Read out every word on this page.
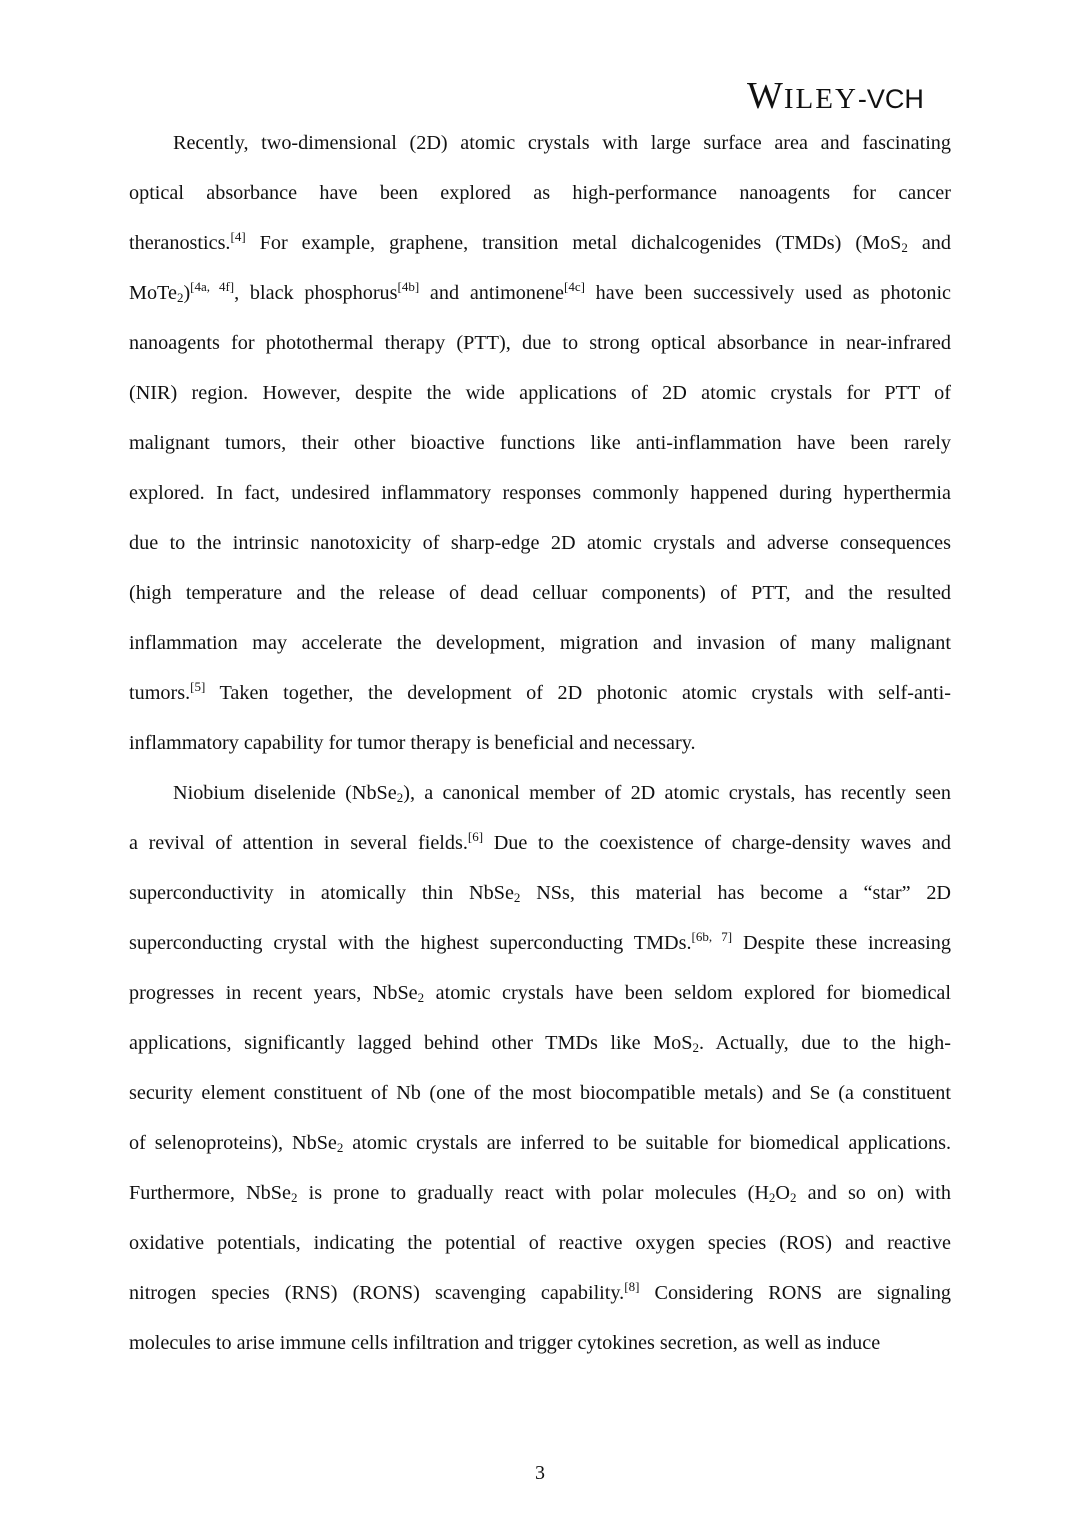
WILEY-VCH
Recently, two-dimensional (2D) atomic crystals with large surface area and fascinating
optical absorbance have been explored as high-performance nanoagents for cancer
theranostics.[4] For example, graphene, transition metal dichalcogenides (TMDs) (MoS$_2$ and
MoTe$_2$)[4a, 4f], black phosphorus[4b] and antimonene[4c] have been successively used as photonic
nanoagents for photothermal therapy (PTT), due to strong optical absorbance in near-infrared
(NIR) region. However, despite the wide applications of 2D atomic crystals for PTT of
malignant tumors, their other bioactive functions like anti-inflammation have been rarely
explored. In fact, undesired inflammatory responses commonly happened during hyperthermia
due to the intrinsic nanotoxicity of sharp-edge 2D atomic crystals and adverse consequences
(high temperature and the release of dead celluar components) of PTT, and the resulted
inflammation may accelerate the development, migration and invasion of many malignant
tumors.[5] Taken together, the development of 2D photonic atomic crystals with self-anti-
inflammatory capability for tumor therapy is beneficial and necessary.
Niobium diselenide (NbSe$_2$), a canonical member of 2D atomic crystals, has recently seen
a revival of attention in several fields.[6] Due to the coexistence of charge-density waves and
superconductivity in atomically thin NbSe$_2$ NSs, this material has become a “star” 2D
superconducting crystal with the highest superconducting TMDs.[6b, 7] Despite these increasing
progresses in recent years, NbSe$_2$ atomic crystals have been seldom explored for biomedical
applications, significantly lagged behind other TMDs like MoS$_2$. Actually, due to the high-
security element constituent of Nb (one of the most biocompatible metals) and Se (a constituent
of selenoproteins), NbSe$_2$ atomic crystals are inferred to be suitable for biomedical applications.
Furthermore, NbSe$_2$ is prone to gradually react with polar molecules ($H_2O_2$ and so on) with
oxidative potentials, indicating the potential of reactive oxygen species (ROS) and reactive
nitrogen species (RNS) (RONS) scavenging capability.[8] Considering RONS are signaling
molecules to arise immune cells infiltration and trigger cytokines secretion, as well as induce
3
